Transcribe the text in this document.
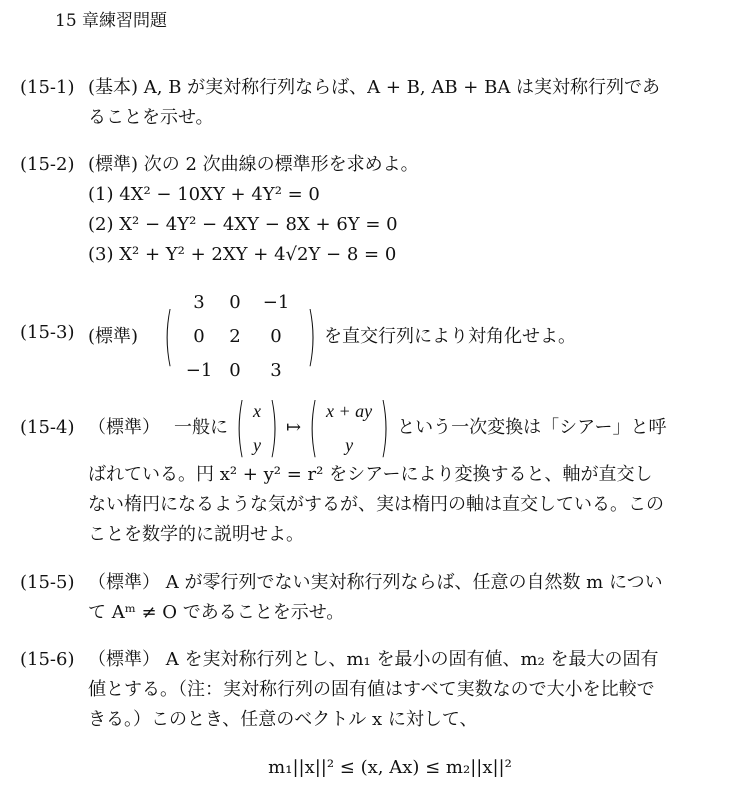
15 章練習問題
(15-1) (基本) A, B が実対称行列ならば、A + B, AB + BA は実対称行列であ
ることを示せ。
(15-2) (標準) 次の 2 次曲線の標準形を求めよ。
(1) 4X² − 10XY + 4Y² = 0
(2) X² − 4Y² − 4XY − 8X + 6Y = 0
(3) X² + Y² + 2XY + 4√2Y − 8 = 0
(15-3) (標準) (	3	0	−1
0	2	0
−1 0	3 ) を直交行列により対角化せよ。
(15-4) （標準） 一般に ( x
y ) ↦ ( x + ay
y ) という一次変換は「シアー」と呼
ばれている。円 x² + y² = r² をシアーにより変換すると、軸が直交し
ない楕円になるような気がするが、実は楕円の軸は直交している。この
ことを数学的に説明せよ。
(15-5) （標準） A が零行列でない実対称行列ならば、任意の自然数 m につい
て Aᵐ ≠ O であることを示せ。
(15-6) （標準） A を実対称行列とし、m₁ を最小の固有値、m₂ を最大の固有
値とする。（注：実対称行列の固有値はすべて実数なので大小を比較で
きる。）このとき、任意のベクトル x に対して、
m₁||x||² ≤ (x, Ax) ≤ m₂||x||²
